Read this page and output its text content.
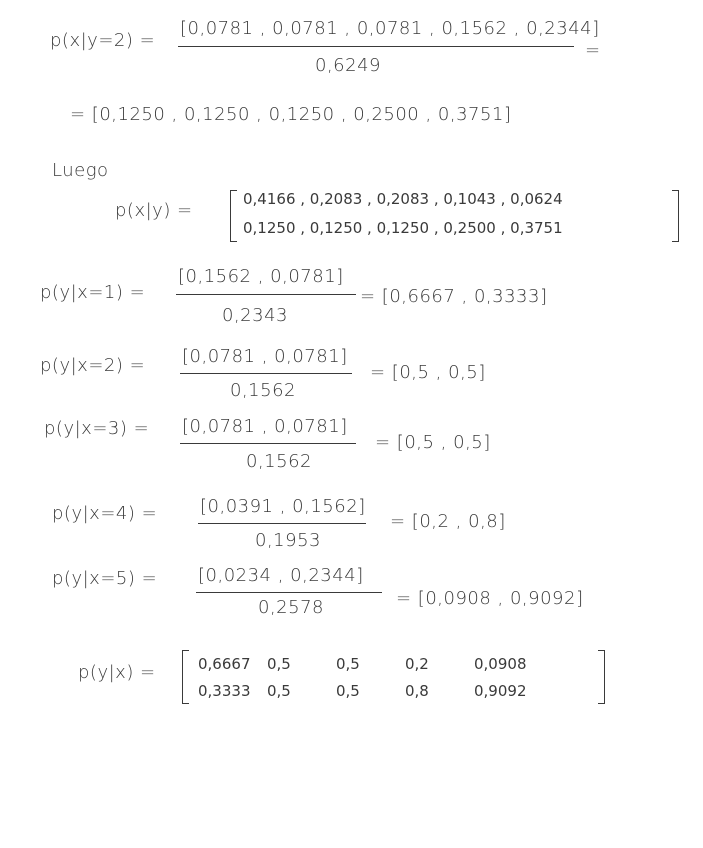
p(x|y=2) =
[0,0781 , 0,0781 , 0,0781 , 0,1562 , 0,2344]
0,6249
=
= [0,1250 , 0,1250 , 0,1250 , 0,2500 , 0,3751]
Luego
p(x|y) =
0,4166 , 0,2083 , 0,2083 , 0,1043 , 0,0624
0,1250 , 0,1250 , 0,1250 , 0,2500 , 0,3751
p(y|x=1) =
[0,1562 , 0,0781]
0,2343
= [0,6667 , 0,3333]
p(y|x=2) = [0,0781 , 0,0781]
0,1562
= [0,5 , 0,5]
p(y|x=3) = [0,0781 , 0,0781]
0,1562
= [0,5 , 0,5]
p(y|x=4) = [0,0391 , 0,1562]
0,1953
= [0,2 , 0,8]
p(y|x=5) = [0,0234 , 0,2344]
0,2578	= [0,0908 , 0,9092]
p(y|x) =	0,6667	0,5	0,5	0,2	0,0908
0,3333	0,5	0,5	0,8	0,9092
